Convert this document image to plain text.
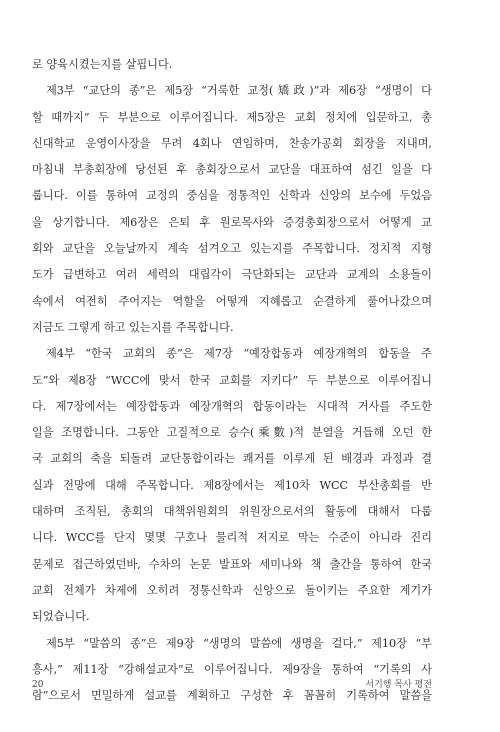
로 양육시켰는지를 살핍니다.
제3부 “교단의 종”은 제5장 “거룩한 교정(矯政)”과 제6장 “생명이 다
할 때까지” 두 부분으로 이루어집니다. 제5장은 교회 정치에 입문하고, 총
신대학교 운영이사장을 무려 4회나 연임하며, 찬송가공회 회장을 지내며,
마침내 부총회장에 당선된 후 총회장으로서 교단을 대표하여 섬긴 일을 다
룹니다. 이를 통하여 교정의 중심을 정통적인 신학과 신앙의 보수에 두었음
을 상기합니다. 제6장은 은퇴 후 원로목사와 증경총회장으로서 어떻게 교
회와 교단을 오늘날까지 계속 섬겨오고 있는지를 주목합니다. 정치적 지형
도가 급변하고 여러 세력의 대립각이 극단화되는 교단과 교계의 소용돌이
속에서 여전히 주어지는 역할을 어떻게 지혜롭고 순결하게 풀어나갔으며
지금도 그렇게 하고 있는지를 주목합니다.
제4부 “한국 교회의 종”은 제7장 “예장합동과 예장개혁의 합동을 주
도”와 제8장 “WCC에 맞서 한국 교회를 지키다” 두 부분으로 이루어집니
다. 제7장에서는 예장합동과 예장개혁의 합동이라는 시대적 거사를 주도한
일을 조명합니다. 그동안 고질적으로 승수(乘數)적 분열을 거듭해 오던 한
국 교회의 축을 되돌려 교단통합이라는 쾌거를 이루게 된 배경과 과정과 결
실과 전망에 대해 주목합니다. 제8장에서는 제10차 WCC 부산총회를 반
대하며 조직된, 총회의 대책위원회의 위원장으로서의 활동에 대해서 다룹
니다. WCC를 단지 몇몇 구호나 물리적 저지로 막는 수준이 아니라 진리
문제로 접근하였던바, 수차의 논문 발표와 세미나와 책 출간을 통하여 한국
교회 전체가 차제에 오히려 정통신학과 신앙으로 돌이키는 주요한 계기가
되었습니다.
제5부 “말씀의 종”은 제9장 “생명의 말씀에 생명을 걸다,” 제10장 “부
흥사,” 제11장 “강해설교자”로 이루어집니다. 제9장을 통하여 “기록의 사
람”으로서 면밀하게 설교를 계획하고 구성한 후 꼼꼼히 기록하여 말씀을
20	서기행 목사 평전
